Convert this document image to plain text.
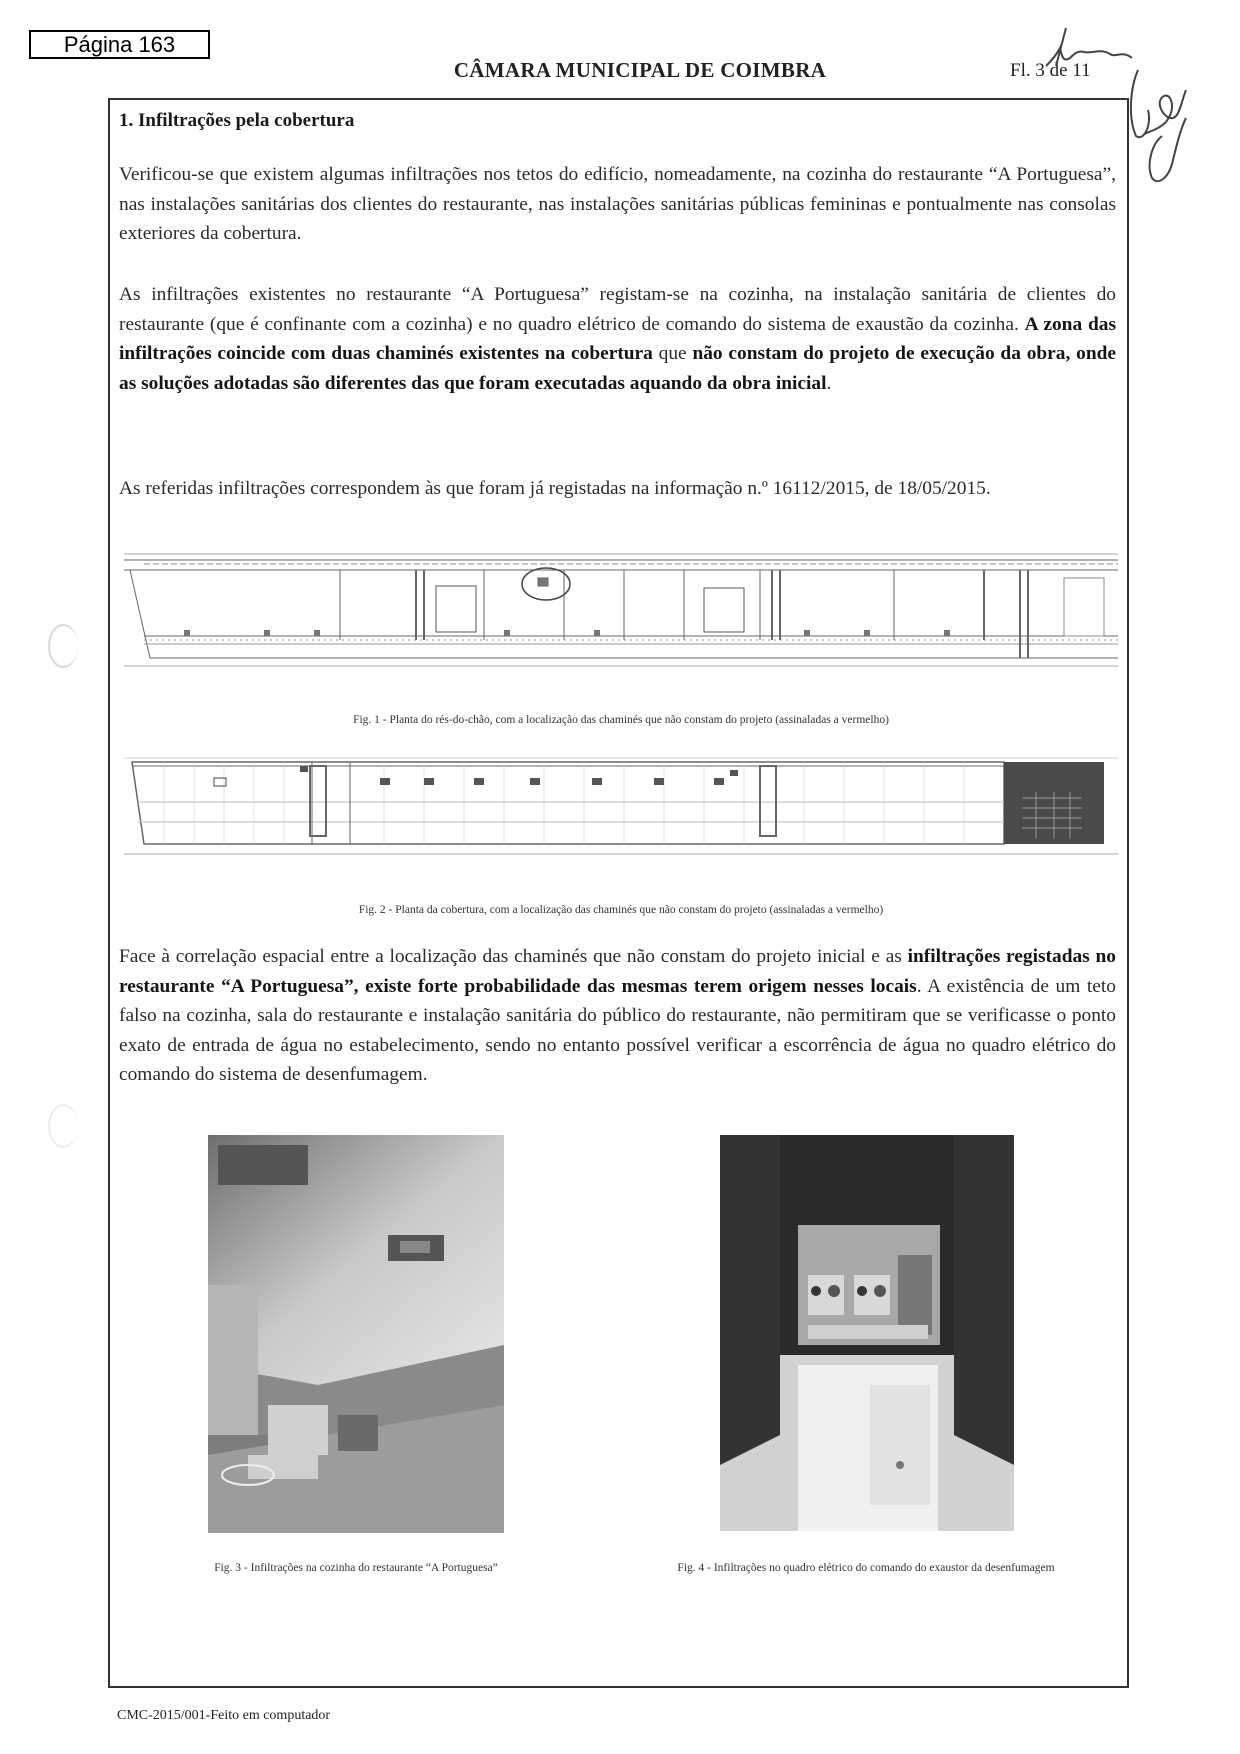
Página 163
CÂMARA MUNICIPAL DE COIMBRA	Fl. 3 de 11
1. Infiltrações pela cobertura

Verificou-se que existem algumas infiltrações nos tetos do edifício, nomeadamente, na cozinha do restaurante “A Portuguesa”, nas instalações sanitárias dos clientes do restaurante, nas instalações sanitárias públicas femininas e pontualmente nas consolas exteriores da cobertura.

As infiltrações existentes no restaurante “A Portuguesa” registam-se na cozinha, na instalação sanitária de clientes do restaurante (que é confinante com a cozinha) e no quadro elétrico de comando do sistema de exaustão da cozinha. A zona das infiltrações coincide com duas chaminés existentes na cobertura que não constam do projeto de execução da obra, onde as soluções adotadas são diferentes das que foram executadas aquando da obra inicial.

As referidas infiltrações correspondem às que foram já registadas na informação n.º 16112/2015, de 18/05/2015.

Fig. 1 - Planta do rés-do-chão, com a localização das chaminés que não constam do projeto (assinaladas a vermelho)
Fig. 2 - Planta da cobertura, com a localização das chaminés que não constam do projeto (assinaladas a vermelho)

Face à correlação espacial entre a localização das chaminés que não constam do projeto inicial e as infiltrações registadas no restaurante “A Portuguesa”, existe forte probabilidade das mesmas terem origem nesses locais. A existência de um teto falso na cozinha, sala do restaurante e instalação sanitária do público do restaurante, não permitiram que se verificasse o ponto exato de entrada de água no estabelecimento, sendo no entanto possível verificar a escorrência de água no quadro elétrico do comando do sistema de desenfumagem.

Fig. 3 - Infiltrações na cozinha do restaurante “A Portuguesa”	Fig. 4 - Infiltrações no quadro elétrico do comando do exaustor da desenfumagem
CMC-2015/001-Feito em computador
